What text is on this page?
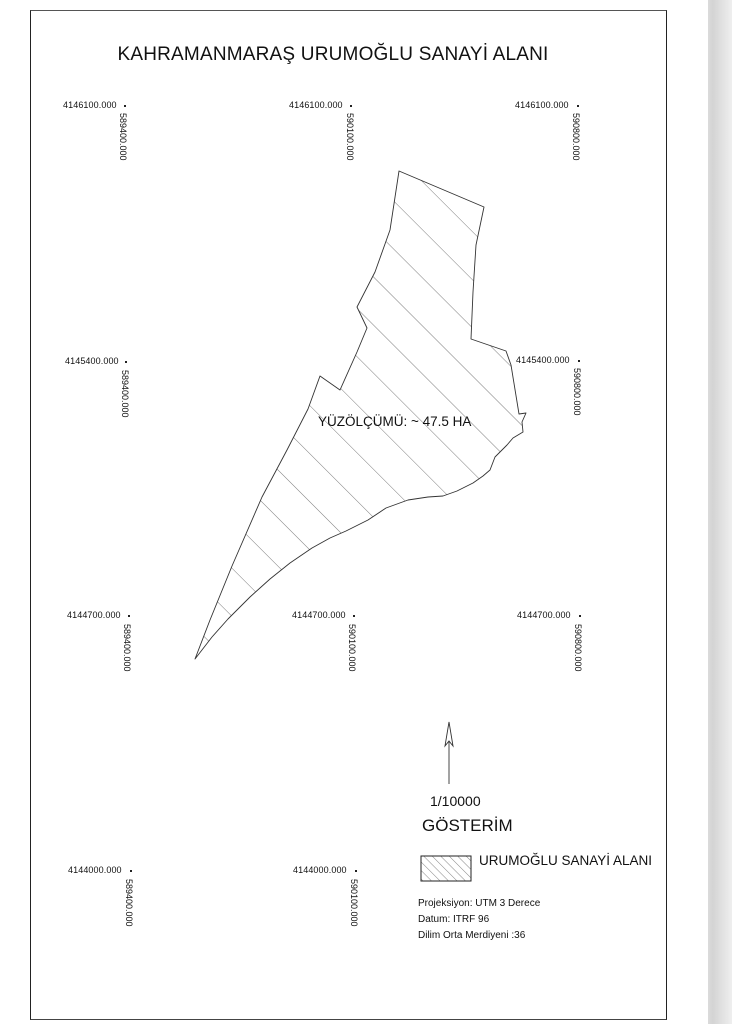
KAHRAMANMARAŞ URUMOĞLU SANAYİ ALANI
4146100.000
589400.000
4146100.000
590100.000
4146100.000
590800.000
4145400.000
589400.000
4145400.000
590800.000
4144700.000
589400.000
4144700.000
590100.000
4144700.000
590800.000
4144000.000
589400.000
4144000.000
590100.000
YÜZÖLÇÜMÜ: ~ 47.5 HA
1/10000
GÖSTERİM
URUMOĞLU SANAYİ ALANI
Projeksiyon: UTM 3 Derece
Datum: ITRF 96
Dilim Orta Merdiyeni :36
